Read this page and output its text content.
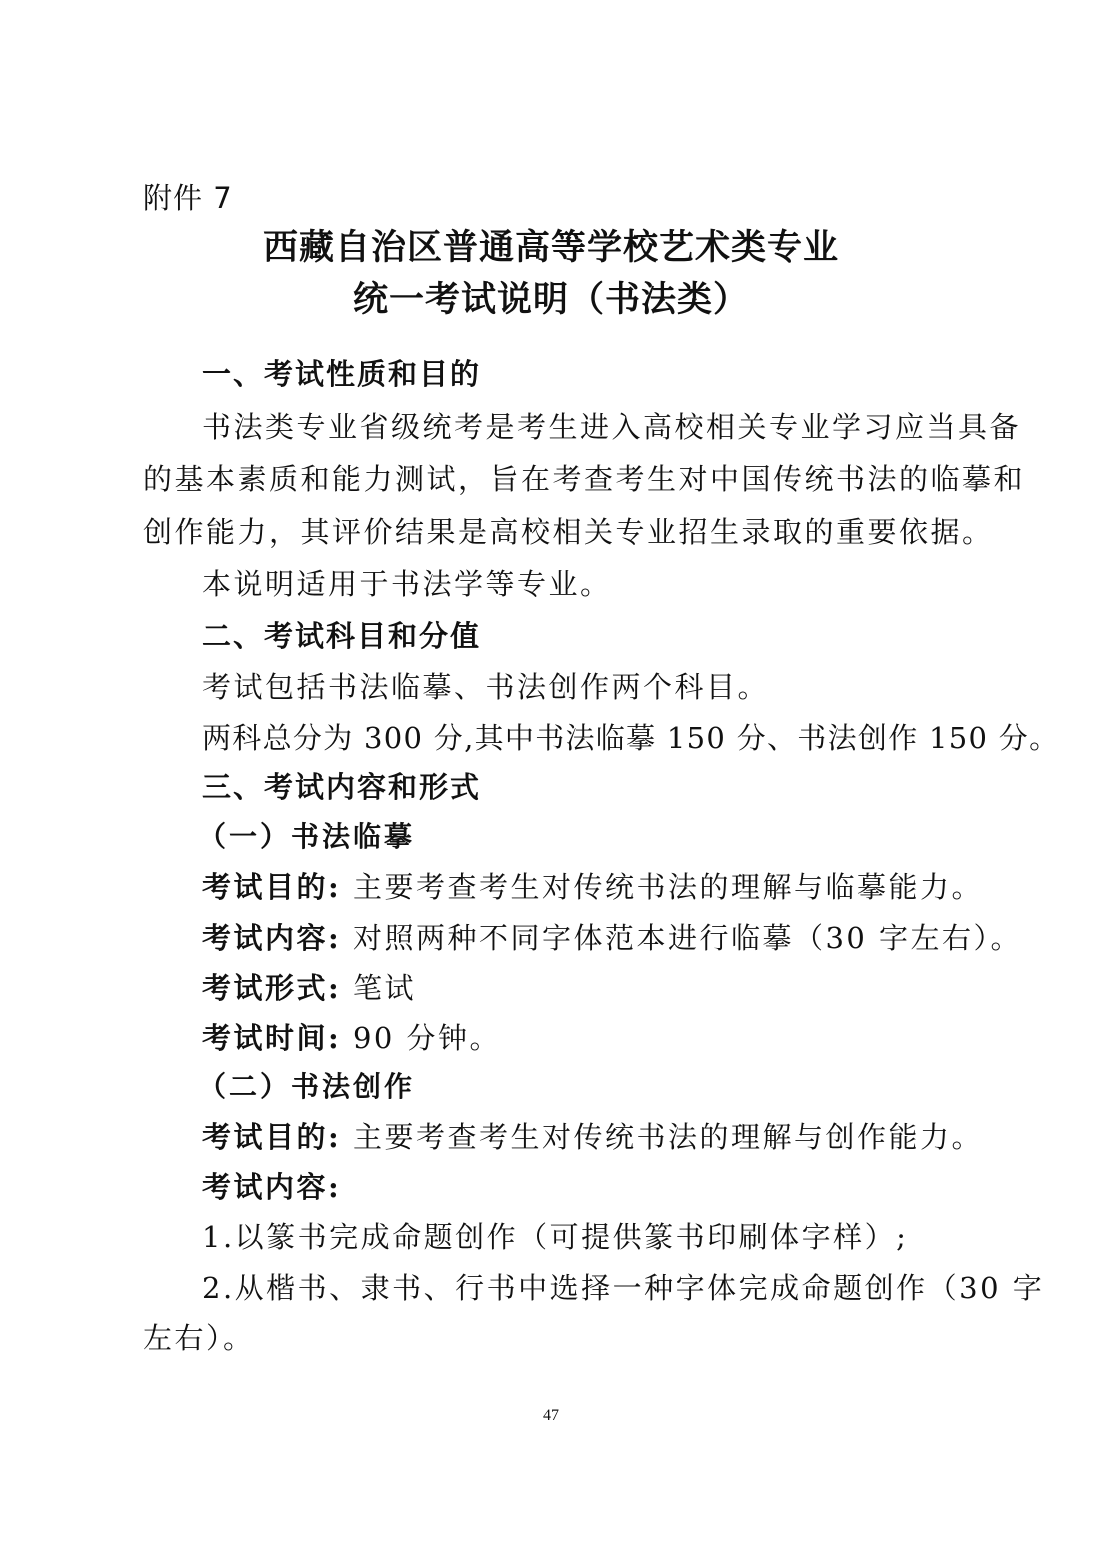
附件 7
西藏自治区普通高等学校艺术类专业
统一考试说明（书法类）
一、考试性质和目的
书法类专业省级统考是考生进入高校相关专业学习应当具备
的基本素质和能力测试，旨在考查考生对中国传统书法的临摹和
创作能力，其评价结果是高校相关专业招生录取的重要依据。
本说明适用于书法学等专业。
二、考试科目和分值
考试包括书法临摹、书法创作两个科目。
两科总分为 300 分,其中书法临摹 150 分、书法创作 150 分。
三、考试内容和形式
（一）书法临摹
考试目的: 主要考查考生对传统书法的理解与临摹能力。
考试内容: 对照两种不同字体范本进行临摹（30 字左右）。
考试形式: 笔试
考试时间: 90 分钟。
（二）书法创作
考试目的: 主要考查考生对传统书法的理解与创作能力。
考试内容:
1.以篆书完成命题创作（可提供篆书印刷体字样）;
2.从楷书、隶书、行书中选择一种字体完成命题创作（30 字
左右）。
47
